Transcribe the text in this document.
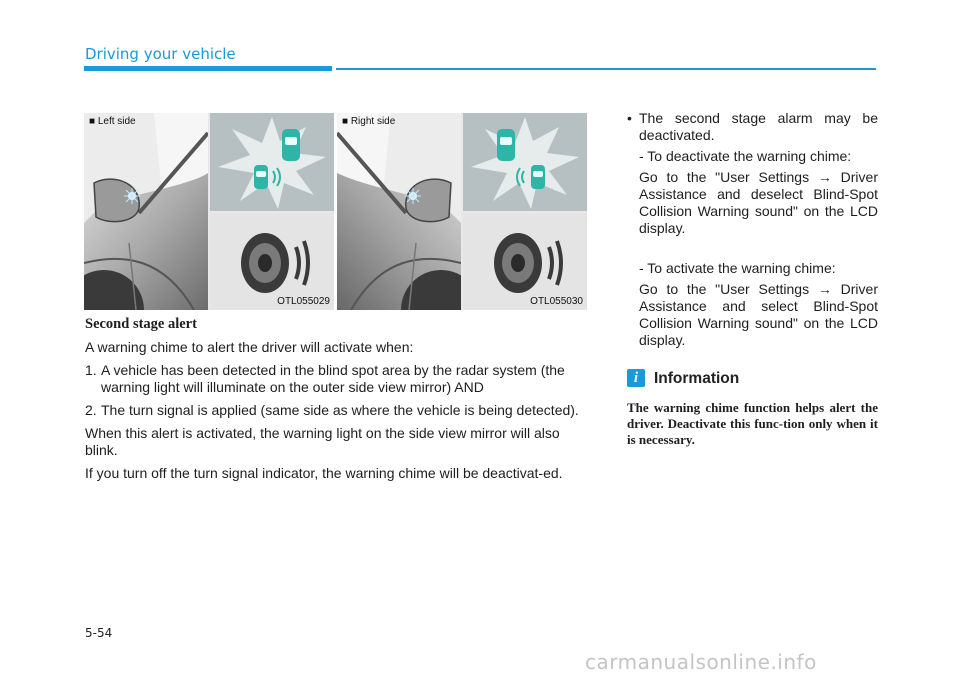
Driving your vehicle
■ Left side
OTL055029
■ Right side
OTL055030

Second stage alert

A warning chime to alert the driver will activate when:

1. A vehicle has been detected in the blind spot area by the radar system (the warning light will illuminate on the outer side view mirror) AND
2. The turn signal is applied (same side as where the vehicle is being detected).

When this alert is activated, the warning light on the side view mirror will also blink.

If you turn off the turn signal indicator, the warning chime will be deactivat-ed.

• The second stage alarm may be deactivated.

- To deactivate the warning chime:

Go to the "User Settings → Driver Assistance and deselect Blind-Spot Collision Warning sound" on the LCD display.

- To activate the warning chime:

Go to the "User Settings → Driver Assistance and select Blind-Spot Collision Warning sound" on the LCD display.

i	Information
The warning chime function helps alert the driver. Deactivate this func-tion only when it is necessary.
5-54
carmanualsonline.info
